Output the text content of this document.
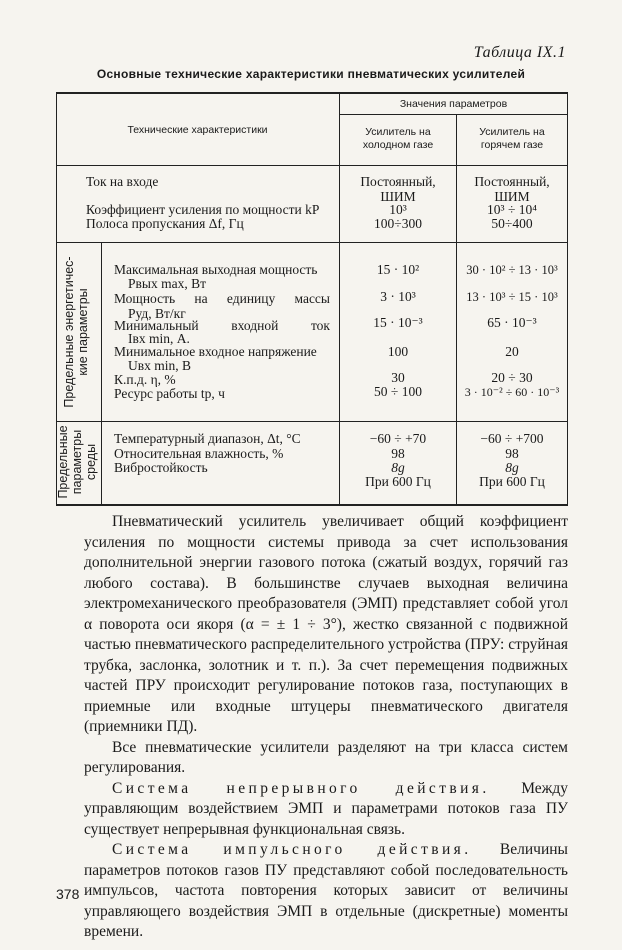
Таблица IX.1
Основные технические характеристики пневматических усилителей
Технические характеристики
Значения параметров
Усилитель на
холодном газе
Усилитель на
горячем газе
Ток на входе
Коэффициент усиления по мощности kP
Полоса пропускания Δf, Гц
Постоянный,
ШИМ
10³
100÷300
Постоянный,
ШИМ
10³ ÷ 10⁴
50÷400
Предельные энергетичес- кие параметры
Предельные параметры среды
Максимальная выходная мощность
Pвых max, Вт
Мощность на единицу массы
Pуд, Вт/кг
Минимальный входной ток
Iвх min, А.
Минимальное входное напряжение
Uвх min, В
К.п.д. η, %
Ресурс работы tр, ч
15 · 10²
3 · 10³
15 · 10⁻³
100
30
50 ÷ 100
30 · 10² ÷ 13 · 10³
13 · 10³ ÷ 15 · 10³
65 · 10⁻³
20
20 ÷ 30
3 · 10⁻² ÷ 60 · 10⁻³
Температурный диапазон, Δt, °C
Относительная влажность, %
Вибростойкость
−60 ÷ +70
98
8g
При 600 Гц
−60 ÷ +700
98
8g
При 600 Гц

Пневматический усилитель увеличивает общий коэффициент усиления по мощности системы привода за счет использования дополнительной энергии газового потока (сжатый воздух, горячий газ любого состава). В большинстве случаев выходная величина электромеханического преобразователя (ЭМП) представляет собой угол α поворота оси якоря (α = ± 1 ÷ 3°), жестко связанной с подвижной частью пневматического распределительного устройства (ПРУ: струйная трубка, заслонка, золотник и т. п.). За счет перемещения подвижных частей ПРУ происходит регулирование потоков газа, поступающих в приемные или входные штуцеры пневматического двигателя (приемники ПД).

Все пневматические усилители разделяют на три класса систем регулирования.

Система непрерывного действия. Между управляющим воздействием ЭМП и параметрами потоков газа ПУ существует непрерывная функциональная связь.

Система импульсного действия. Величины параметров потоков газов ПУ представляют собой последовательность импульсов, частота повторения которых зависит от величины управляющего воздействия ЭМП в отдельные (дискретные) моменты времени.

378
